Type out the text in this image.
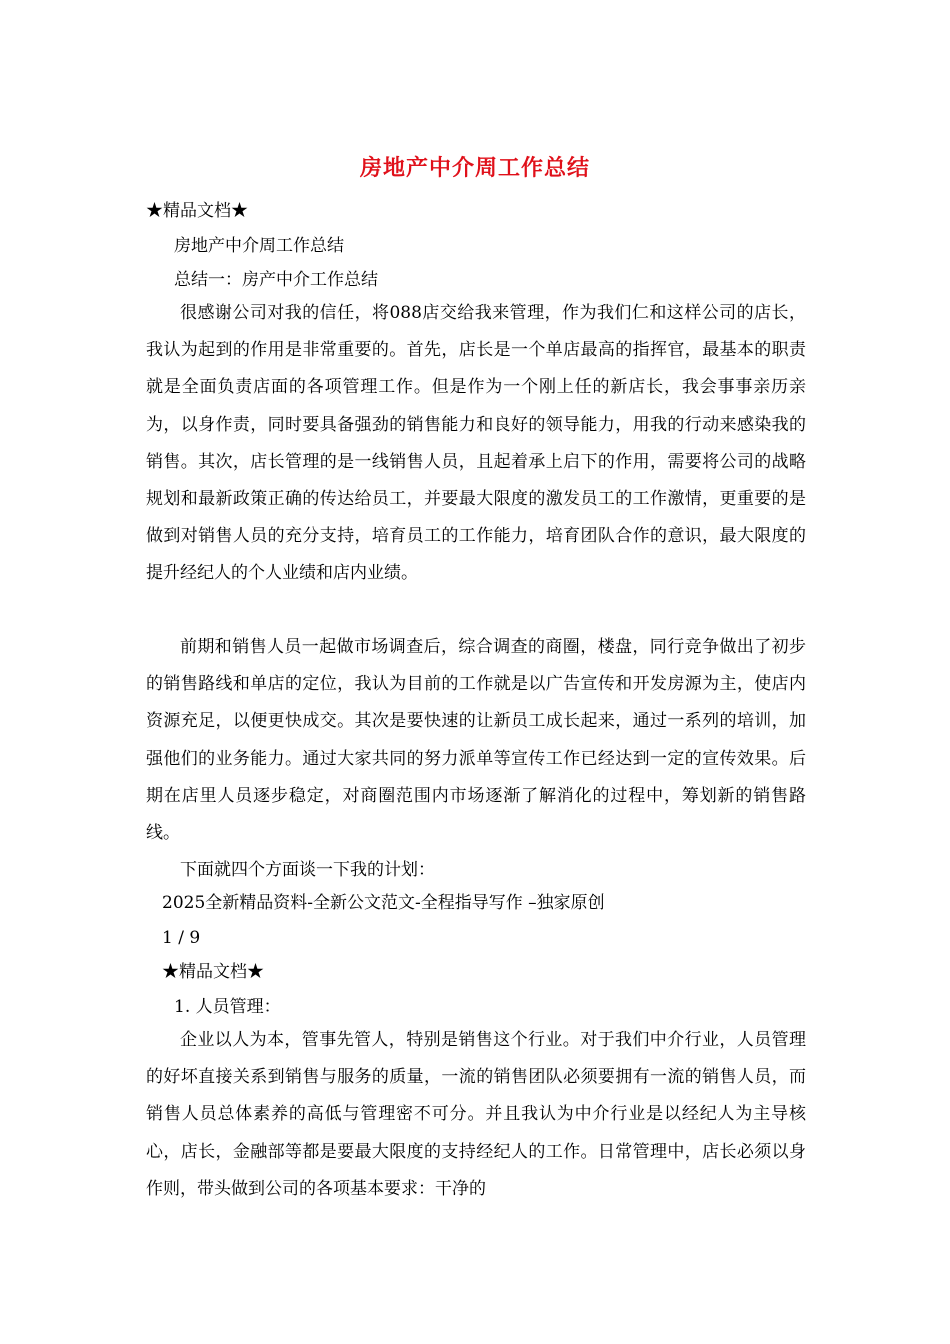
房地产中介周工作总结

★精品文档★

房地产中介周工作总结

总结一：房产中介工作总结

很感谢公司对我的信任，将088店交给我来管理，作为我们仁和这样公司的店长，我认为起到的作用是非常重要的。首先，店长是一个单店最高的指挥官，最基本的职责就是全面负责店面的各项管理工作。但是作为一个刚上任的新店长，我会事事亲历亲为，以身作责，同时要具备强劲的销售能力和良好的领导能力，用我的行动来感染我的销售。其次，店长管理的是一线销售人员，且起着承上启下的作用，需要将公司的战略规划和最新政策正确的传达给员工，并要最大限度的激发员工的工作激情，更重要的是做到对销售人员的充分支持，培育员工的工作能力，培育团队合作的意识，最大限度的提升经纪人的个人业绩和店内业绩。

前期和销售人员一起做市场调查后，综合调查的商圈，楼盘，同行竞争做出了初步的销售路线和单店的定位，我认为目前的工作就是以广告宣传和开发房源为主，使店内资源充足，以便更快成交。其次是要快速的让新员工成长起来，通过一系列的培训，加强他们的业务能力。通过大家共同的努力派单等宣传工作已经达到一定的宣传效果。后期在店里人员逐步稳定，对商圈范围内市场逐渐了解消化的过程中，筹划新的销售路线。

下面就四个方面谈一下我的计划：

2025全新精品资料-全新公文范文-全程指导写作 –独家原创

1 / 9

★精品文档★

1. 人员管理：

企业以人为本，管事先管人，特别是销售这个行业。对于我们中介行业，人员管理的好坏直接关系到销售与服务的质量，一流的销售团队必须要拥有一流的销售人员，而销售人员总体素养的高低与管理密不可分。并且我认为中介行业是以经纪人为主导核心，店长，金融部等都是要最大限度的支持经纪人的工作。日常管理中，店长必须以身作则，带头做到公司的各项基本要求：干净的
